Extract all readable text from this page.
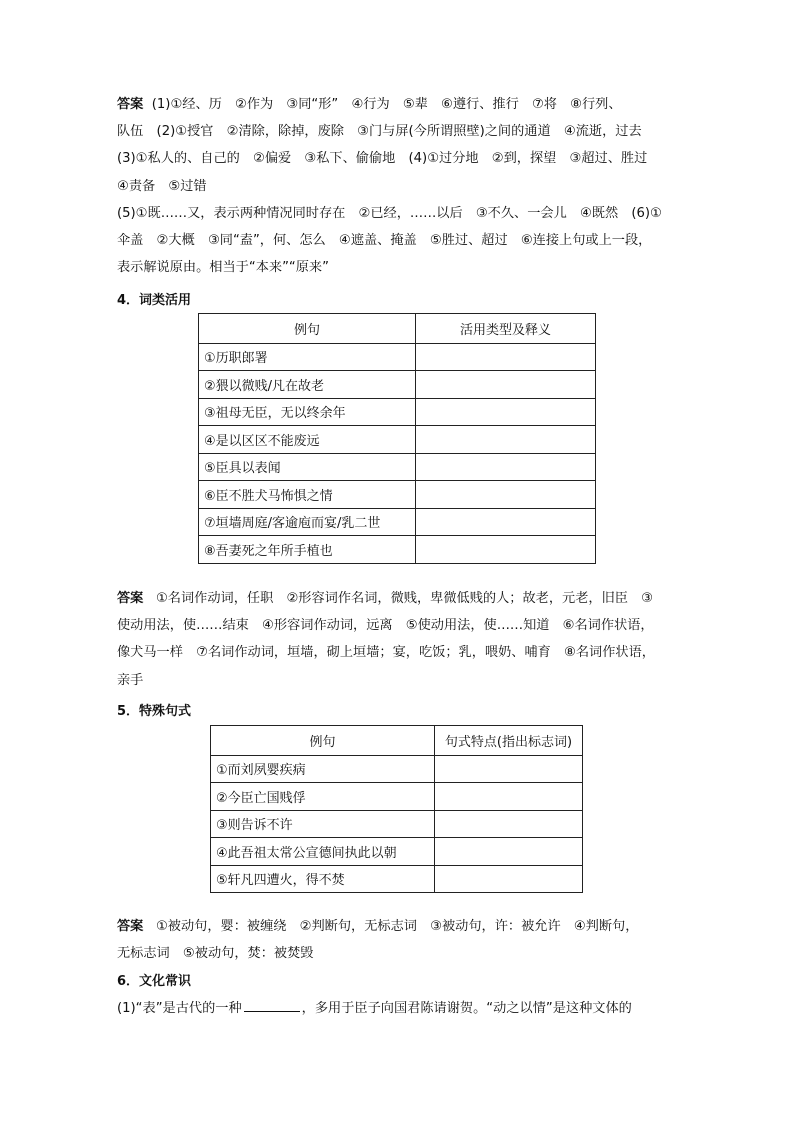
答案 (1)①经、历　②作为　③同“形”　④行为　⑤辈　⑥遵行、推行　⑦将　⑧行列、

队伍　(2)①授官　②清除，除掉，废除　③门与屏(今所谓照壁)之间的通道　④流逝，过去

(3)①私人的、自己的　②偏爱　③私下、偷偷地　(4)①过分地　②到，探望　③超过、胜过

④责备　⑤过错

(5)①既……又，表示两种情况同时存在　②已经，……以后　③不久、一会儿　④既然　(6)①

伞盖　②大概　③同“盍”，何、怎么　④遮盖、掩盖　⑤胜过、超过　⑥连接上句或上一段，

表示解说原由。相当于“本来”“原来”

4．词类活用
例句	活用类型及释义
①历职郎署	
②猥以微贱/凡在故老	
③祖母无臣，无以终余年	
④是以区区不能废远	
⑤臣具以表闻	
⑥臣不胜犬马怖惧之情	
⑦垣墙周庭/客逾庖而宴/乳二世	
⑧吾妻死之年所手植也	

答案 ①名词作动词，任职　②形容词作名词，微贱，卑微低贱的人；故老，元老，旧臣　③

使动用法，使……结束　④形容词作动词，远离　⑤使动用法，使……知道　⑥名词作状语，

像犬马一样　⑦名词作动词，垣墙，砌上垣墙；宴，吃饭；乳，喂奶、哺育　⑧名词作状语，

亲手

5．特殊句式
例句	句式特点(指出标志词)
①而刘夙婴疾病	
②今臣亡国贱俘	
③则告诉不许	
④此吾祖太常公宣德间执此以朝	
⑤轩凡四遭火，得不焚	

答案 ①被动句，婴：被缠绕　②判断句，无标志词　③被动句，许：被允许　④判断句，

无标志词　⑤被动句，焚：被焚毁

6．文化常识

(1)“表”是古代的一种	，多用于臣子向国君陈请谢贺。“动之以情”是这种文体的
